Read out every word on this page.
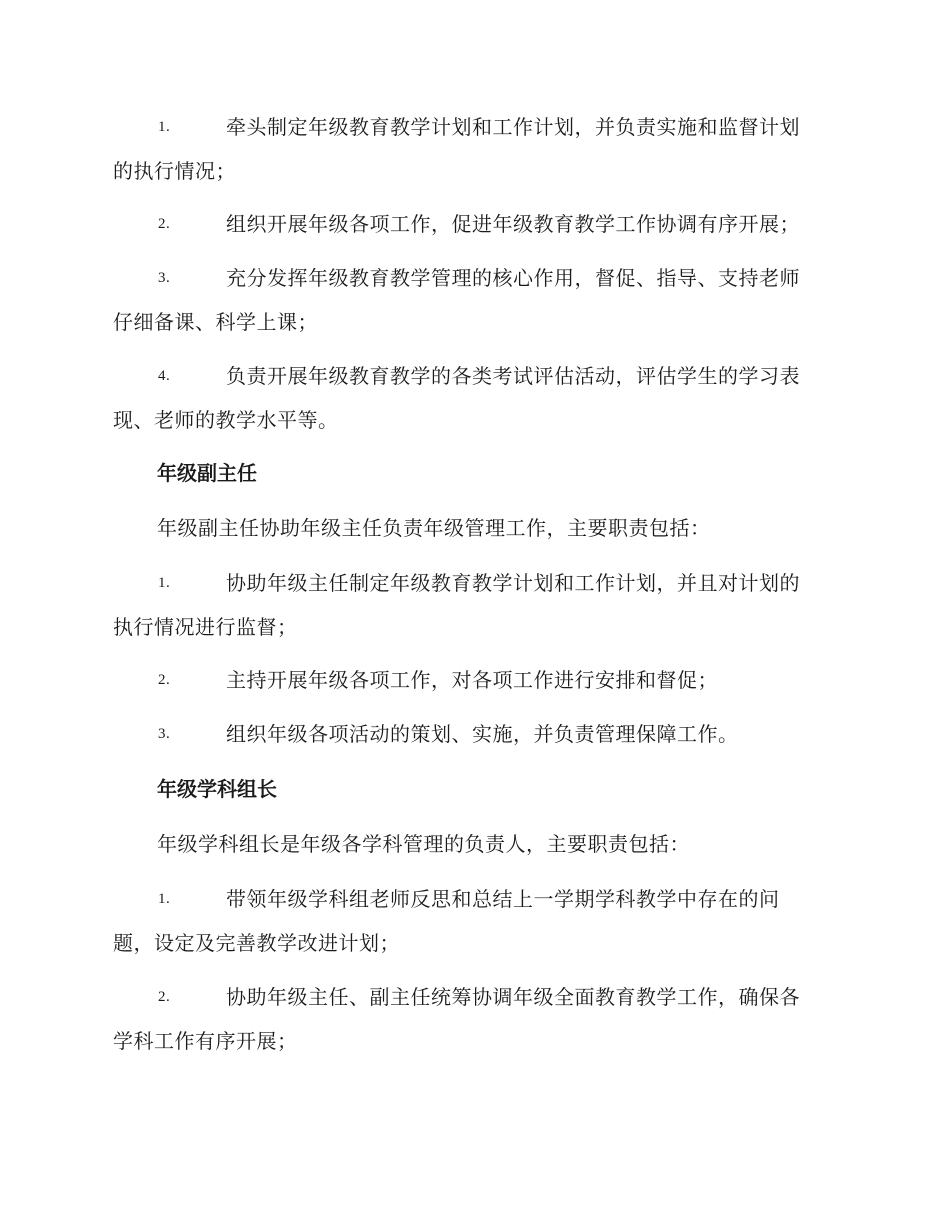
1.	牵头制定年级教育教学计划和工作计划，并负责实施和监督计划
的执行情况；
2.	组织开展年级各项工作，促进年级教育教学工作协调有序开展；
3.	充分发挥年级教育教学管理的核心作用，督促、指导、支持老师
仔细备课、科学上课；
4.	负责开展年级教育教学的各类考试评估活动，评估学生的学习表
现、老师的教学水平等。
年级副主任
年级副主任协助年级主任负责年级管理工作，主要职责包括：
1.	协助年级主任制定年级教育教学计划和工作计划，并且对计划的
执行情况进行监督；
2.	主持开展年级各项工作，对各项工作进行安排和督促；
3.	组织年级各项活动的策划、实施，并负责管理保障工作。
年级学科组长
年级学科组长是年级各学科管理的负责人，主要职责包括：
1.	带领年级学科组老师反思和总结上一学期学科教学中存在的问
题，设定及完善教学改进计划；
2.	协助年级主任、副主任统筹协调年级全面教育教学工作，确保各
学科工作有序开展；
